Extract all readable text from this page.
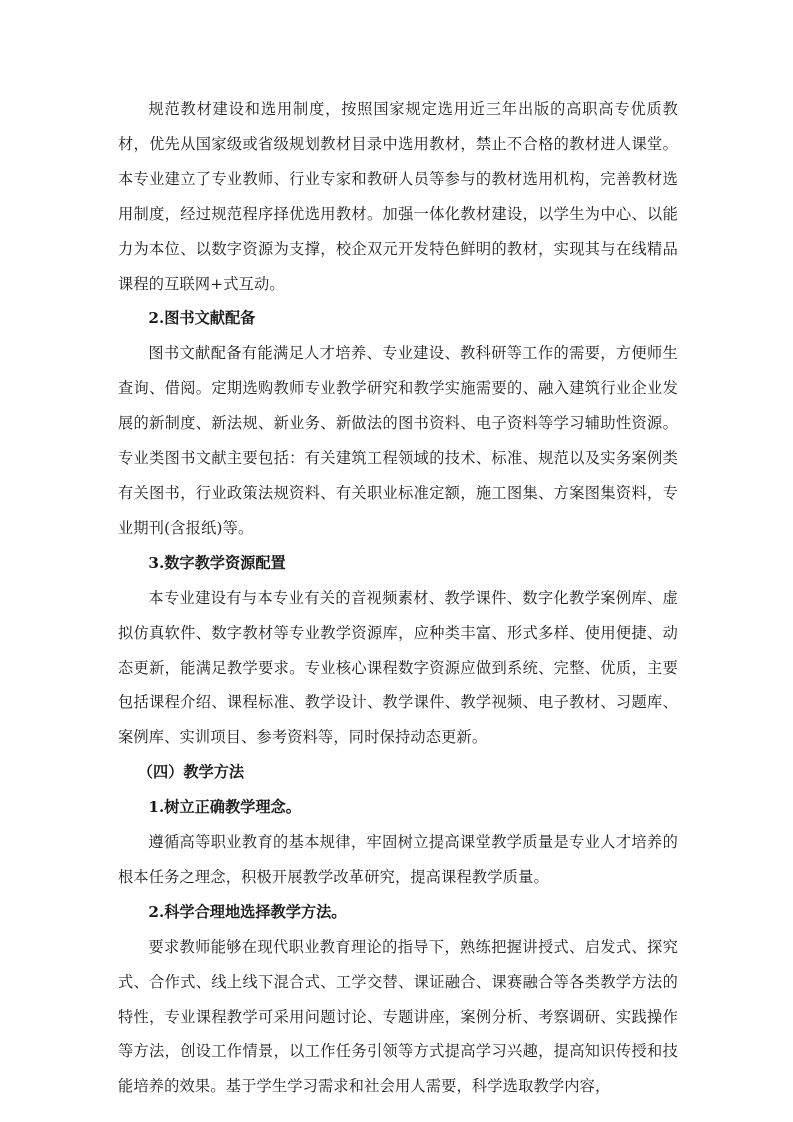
规范教材建设和选用制度，按照国家规定选用近三年出版的高职高专优质教材，优先从国家级或省级规划教材目录中选用教材，禁止不合格的教材进人课堂。本专业建立了专业教师、行业专家和教研人员等参与的教材选用机构，完善教材选用制度，经过规范程序择优选用教材。加强一体化教材建设，以学生为中心、以能力为本位、以数字资源为支撑，校企双元开发特色鲜明的教材，实现其与在线精品课程的互联网+式互动。

2.图书文献配备

图书文献配备有能满足人才培养、专业建设、教科研等工作的需要，方便师生查询、借阅。定期选购教师专业教学研究和教学实施需要的、融入建筑行业企业发展的新制度、新法规、新业务、新做法的图书资料、电子资料等学习辅助性资源。专业类图书文献主要包括：有关建筑工程领域的技术、标准、规范以及实务案例类有关图书，行业政策法规资料、有关职业标准定额，施工图集、方案图集资料，专业期刊(含报纸)等。

3.数字教学资源配置

本专业建设有与本专业有关的音视频素材、教学课件、数字化教学案例库、虚拟仿真软件、数字教材等专业教学资源库，应种类丰富、形式多样、使用便捷、动态更新，能满足教学要求。专业核心课程数字资源应做到系统、完整、优质，主要包括课程介绍、课程标准、教学设计、教学课件、教学视频、电子教材、习题库、案例库、实训项目、参考资料等，同时保持动态更新。

（四）教学方法

1.树立正确教学理念。

遵循高等职业教育的基本规律，牢固树立提高课堂教学质量是专业人才培养的根本任务之理念，积极开展教学改革研究，提高课程教学质量。

2.科学合理地选择教学方法。

要求教师能够在现代职业教育理论的指导下，熟练把握讲授式、启发式、探究式、合作式、线上线下混合式、工学交替、课证融合、课赛融合等各类教学方法的特性，专业课程教学可采用问题讨论、专题讲座，案例分析、考察调研、实践操作等方法，创设工作情景，以工作任务引领等方式提高学习兴趣，提高知识传授和技能培养的效果。基于学生学习需求和社会用人需要，科学选取教学内容，
